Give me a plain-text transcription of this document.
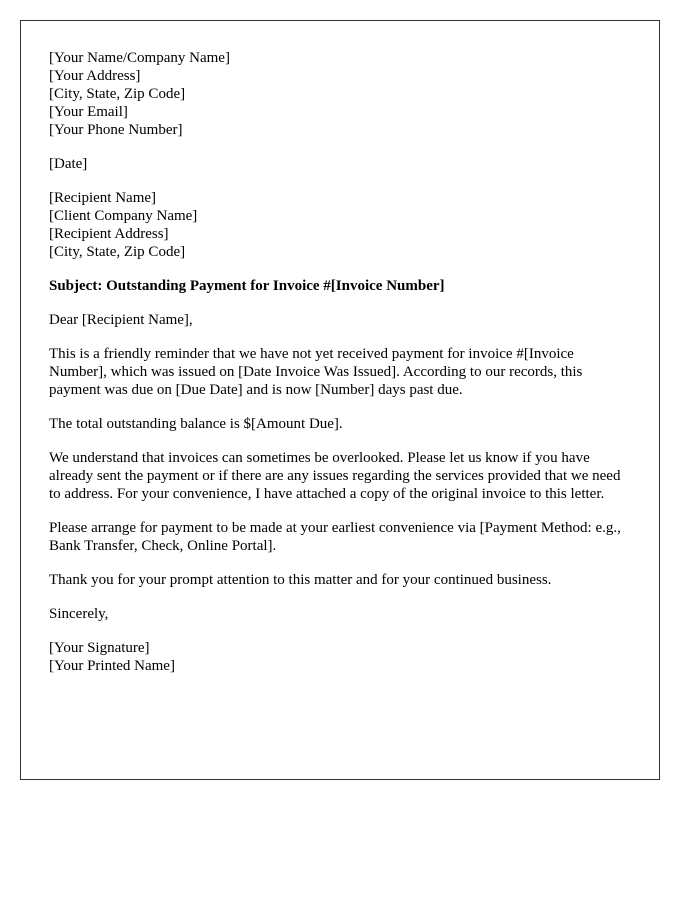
[Your Name/Company Name]
[Your Address]
[City, State, Zip Code]
[Your Email]
[Your Phone Number]
[Date]
[Recipient Name]
[Client Company Name]
[Recipient Address]
[City, State, Zip Code]

Subject: Outstanding Payment for Invoice #[Invoice Number]

Dear [Recipient Name],

This is a friendly reminder that we have not yet received payment for invoice #[Invoice Number], which was issued on [Date Invoice Was Issued]. According to our records, this payment was due on [Due Date] and is now [Number] days past due.

The total outstanding balance is $[Amount Due].

We understand that invoices can sometimes be overlooked. Please let us know if you have already sent the payment or if there are any issues regarding the services provided that we need to address. For your convenience, I have attached a copy of the original invoice to this letter.

Please arrange for payment to be made at your earliest convenience via [Payment Method: e.g., Bank Transfer, Check, Online Portal].

Thank you for your prompt attention to this matter and for your continued business.

Sincerely,

[Your Signature]
[Your Printed Name]
